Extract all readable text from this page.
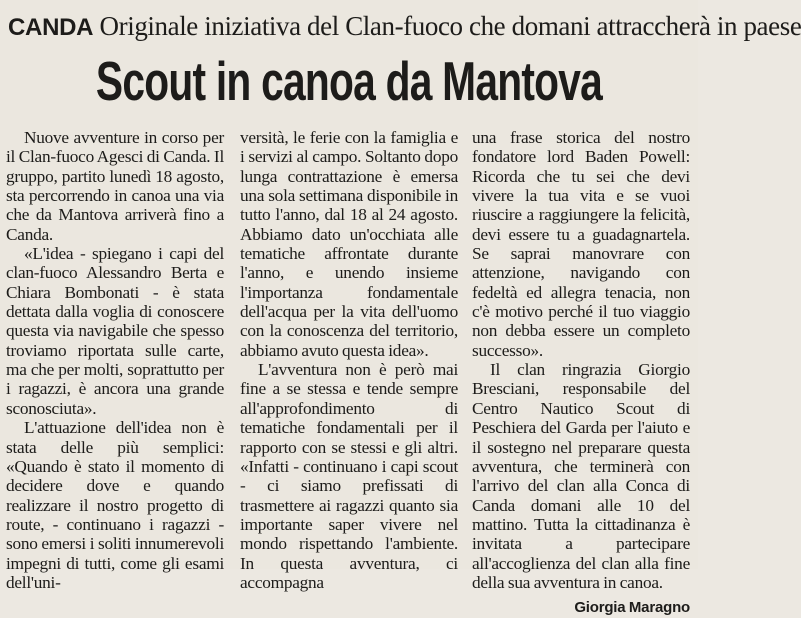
CANDA Originale iniziativa del Clan-fuoco che domani attraccherà in paese
Scout in canoa da Mantova

Nuove avventure in corso per il Clan-fuoco Agesci di Canda. Il gruppo, partito lunedì 18 agosto, sta percorrendo in canoa una via che da Mantova arriverà fino a Canda.

«L'idea - spiegano i capi del clan-fuoco Alessandro Berta e Chiara Bombonati - è stata dettata dalla voglia di conoscere questa via navigabile che spesso troviamo riportata sulle carte, ma che per molti, soprattutto per i ragazzi, è ancora una grande sconosciuta».

L'attuazione dell'idea non è stata delle più semplici: «Quando è stato il momento di decidere dove e quando realizzare il nostro progetto di route, - continuano i ragazzi - sono emersi i soliti innumerevoli impegni di tutti, come gli esami dell'uni-

versità, le ferie con la famiglia e i servizi al campo. Soltanto dopo lunga contrattazione è emersa una sola settimana disponibile in tutto l'anno, dal 18 al 24 agosto. Abbiamo dato un'occhiata alle tematiche affrontate durante l'anno, e unendo insieme l'importanza fondamentale dell'acqua per la vita dell'uomo con la conoscenza del territorio, abbiamo avuto questa idea».

L'avventura non è però mai fine a se stessa e tende sempre all'approfondimento di tematiche fondamentali per il rapporto con se stessi e gli altri. «Infatti - continuano i capi scout - ci siamo prefissati di trasmettere ai ragazzi quanto sia importante saper vivere nel mondo rispettando l'ambiente. In questa avventura, ci accompagna

una frase storica del nostro fondatore lord Baden Powell: Ricorda che tu sei che devi vivere la tua vita e se vuoi riuscire a raggiungere la felicità, devi essere tu a guadagnartela. Se saprai manovrare con attenzione, navigando con fedeltà ed allegra tenacia, non c'è motivo perché il tuo viaggio non debba essere un completo successo».

Il clan ringrazia Giorgio Bresciani, responsabile del Centro Nautico Scout di Peschiera del Garda per l'aiuto e il sostegno nel preparare questa avventura, che terminerà con l'arrivo del clan alla Conca di Canda domani alle 10 del mattino. Tutta la cittadinanza è invitata a partecipare all'accoglienza del clan alla fine della sua avventura in canoa.

Giorgia Maragno
